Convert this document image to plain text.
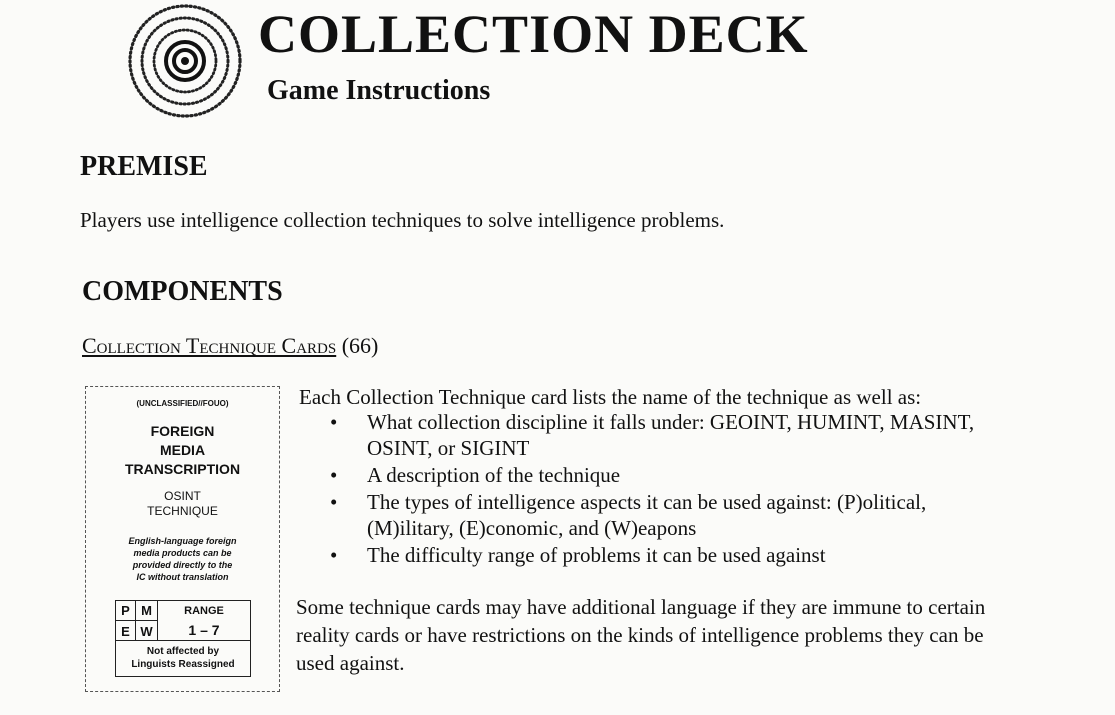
COLLECTION DECK
Game Instructions
PREMISE
Players use intelligence collection techniques to solve intelligence problems.
COMPONENTS
Collection Technique Cards (66)
(UNCLASSIFIED//FOUO)
FOREIGN
MEDIA
TRANSCRIPTION
OSINT
TECHNIQUE
English-language foreign
media products can be
provided directly to the
IC without translation
P M
E W
RANGE
1 – 7
Not affected by
Linguists Reassigned
Each Collection Technique card lists the name of the technique as well as:
• What collection discipline it falls under: GEOINT, HUMINT, MASINT,
OSINT, or SIGINT
• A description of the technique
• The types of intelligence aspects it can be used against: (P)olitical,
(M)ilitary, (E)conomic, and (W)eapons
• The difficulty range of problems it can be used against
Some technique cards may have additional language if they are immune to certain reality cards or have restrictions on the kinds of intelligence problems they can be used against.
